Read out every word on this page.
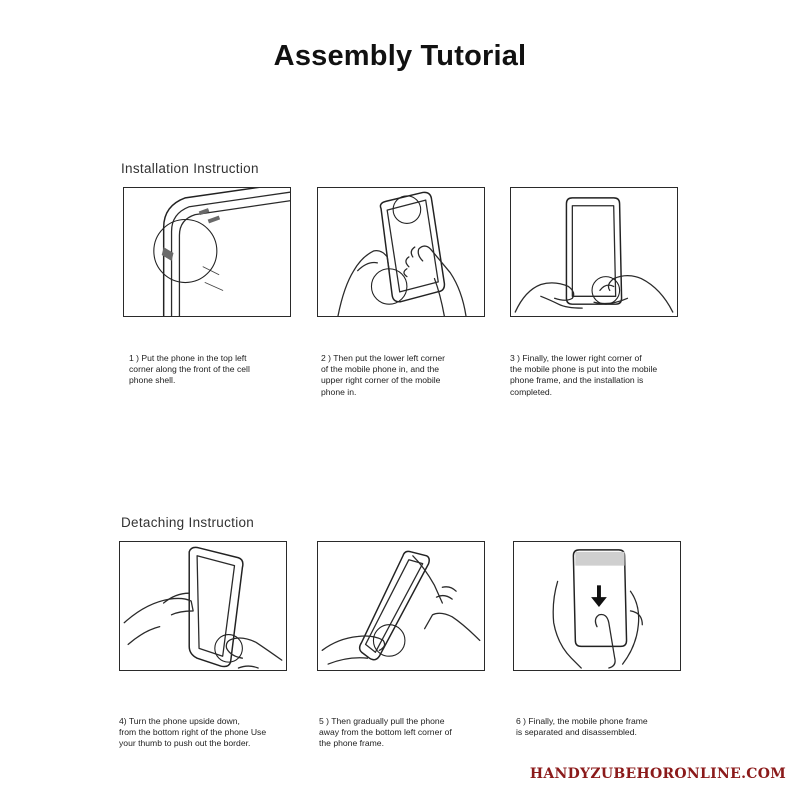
Assembly Tutorial
Installation Instruction
1 ) Put the phone in the top left
corner along the front of the cell
phone shell.
2 ) Then put the lower left corner
of the mobile phone in, and the
upper right corner of the mobile
phone in.
3 ) Finally, the lower right corner of
the mobile phone is put into the mobile
phone frame, and the installation is
completed.
Detaching Instruction
4) Turn the phone upside down,
from the bottom right of the phone Use
your thumb to push out the border.
5 ) Then gradually pull the phone
away from the bottom left corner of
the phone frame.
6 ) Finally, the mobile phone frame
is separated and disassembled.
HANDYZUBEHORONLINE.COM
